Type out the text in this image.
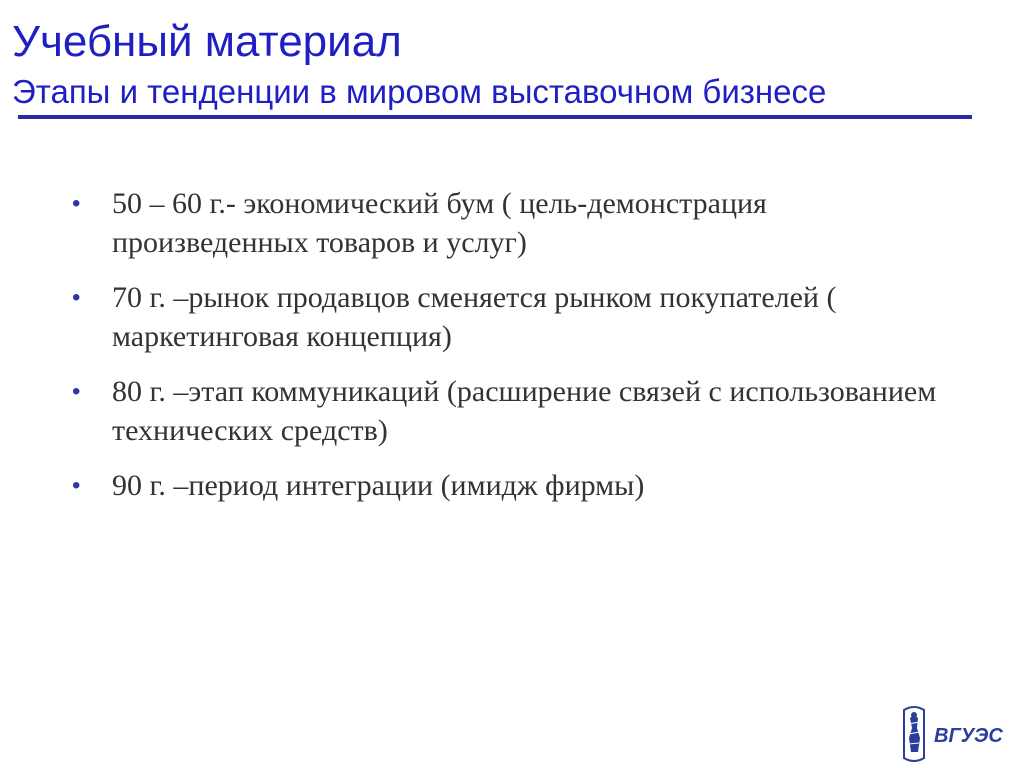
Учебный материал
Этапы и тенденции в мировом выставочном бизнесе
• 50 – 60 г.- экономический бум ( цель-демонстрация произведенных товаров и услуг)
• 70 г. –рынок продавцов сменяется рынком покупателей ( маркетинговая концепция)
• 80 г. –этап коммуникаций (расширение связей с использованием технических средств)
• 90 г. –период интеграции (имидж фирмы)
ВГУЭС
